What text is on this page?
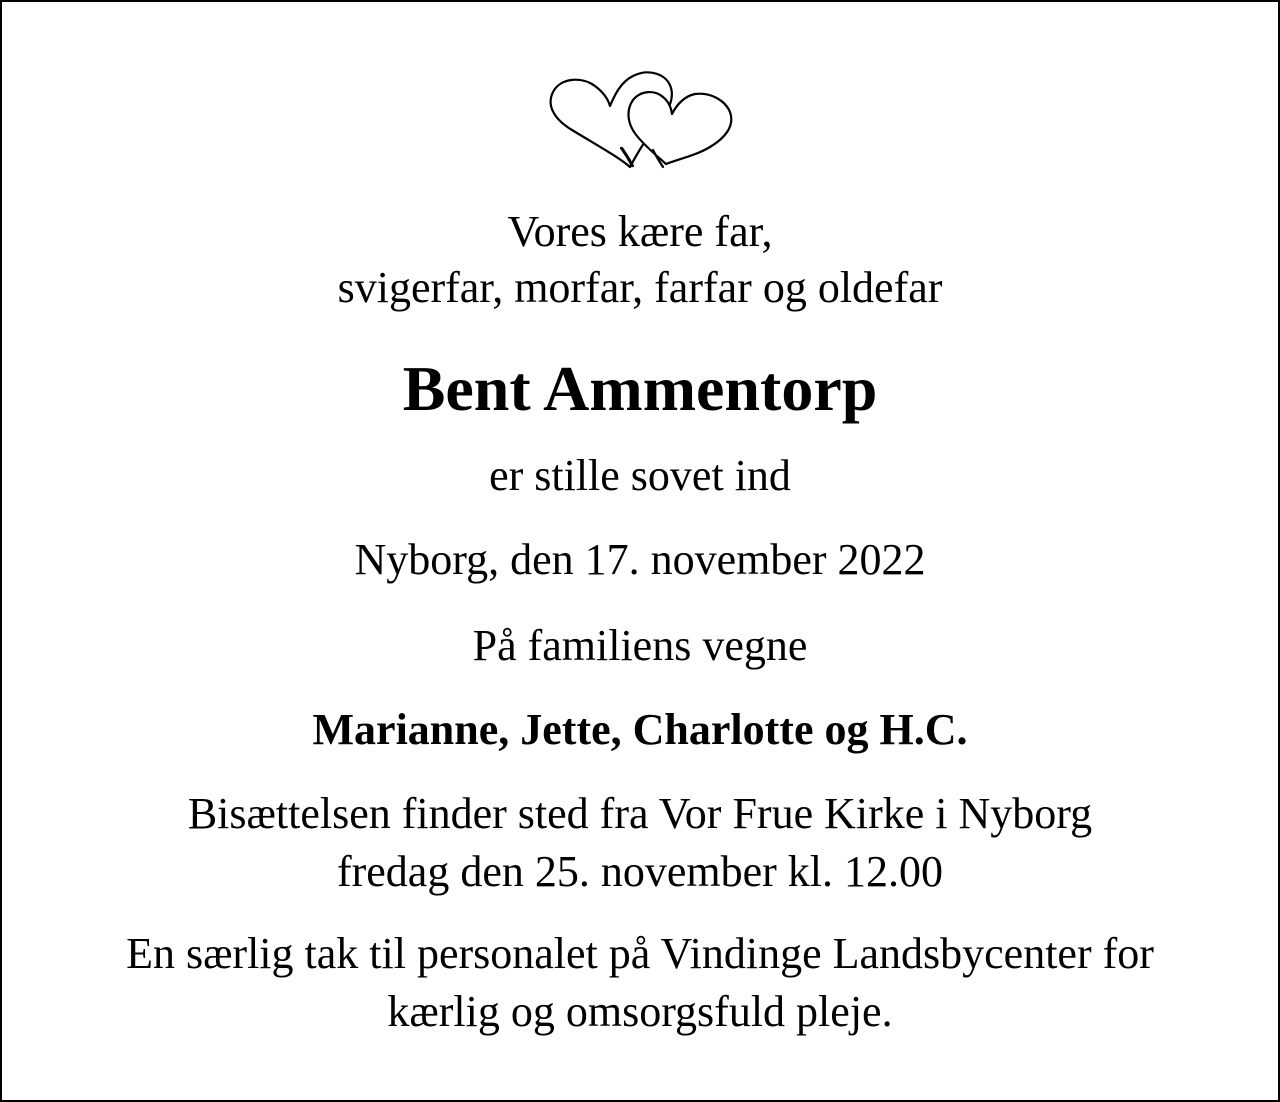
Vores kære far,
svigerfar, morfar, farfar og oldefar
Bent Ammentorp
er stille sovet ind
Nyborg, den 17. november 2022
På familiens vegne
Marianne, Jette, Charlotte og H.C.
Bisættelsen finder sted fra Vor Frue Kirke i Nyborg
fredag den 25. november kl. 12.00
En særlig tak til personalet på Vindinge Landsbycenter for
kærlig og omsorgsfuld pleje.
